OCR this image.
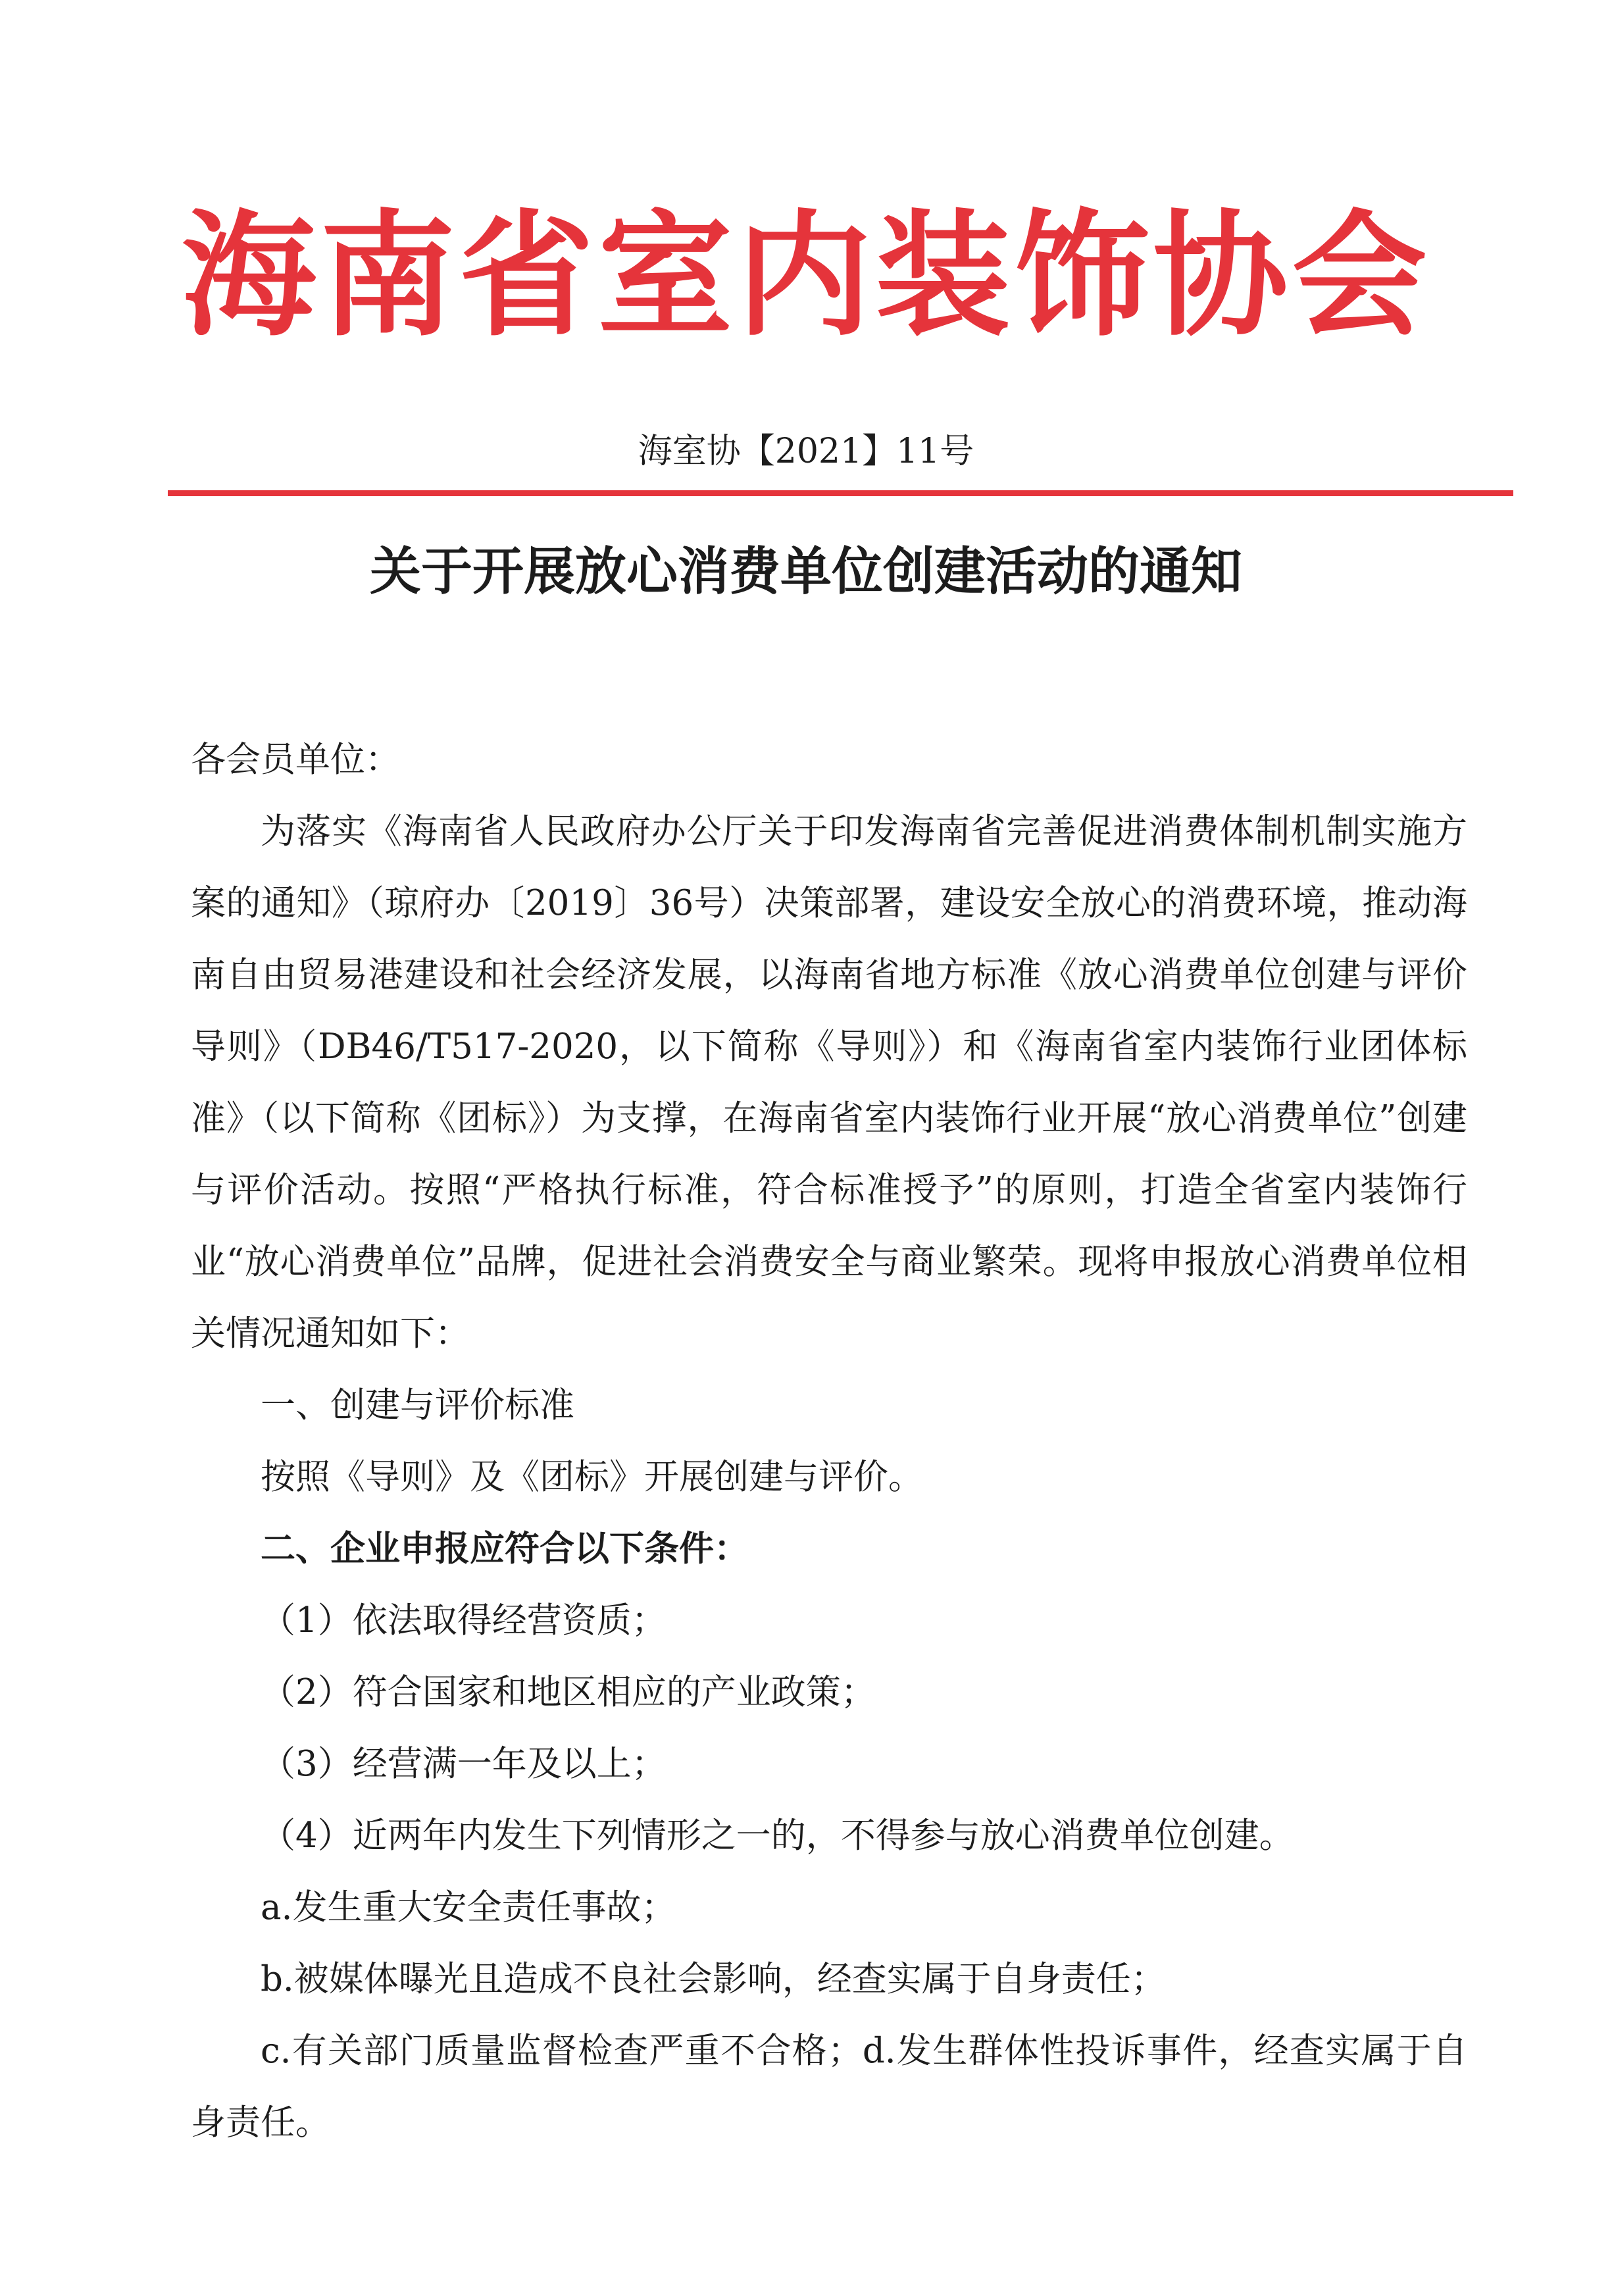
海南省室内装饰协会
海室协【2021】11号
关于开展放心消费单位创建活动的通知

各会员单位：

为落实《海南省人民政府办公厅关于印发海南省完善促进消费体制机制实施方案的通知》（琼府办〔2019〕36号）决策部署，建设安全放心的消费环境，推动海南自由贸易港建设和社会经济发展，以海南省地方标准《放心消费单位创建与评价导则》（DB46/T517-2020，以下简称《导则》）和《海南省室内装饰行业团体标准》（以下简称《团标》）为支撑，在海南省室内装饰行业开展“放心消费单位”创建与评价活动。按照“严格执行标准，符合标准授予”的原则，打造全省室内装饰行业“放心消费单位”品牌，促进社会消费安全与商业繁荣。现将申报放心消费单位相关情况通知如下：

一、创建与评价标准

按照《导则》及《团标》开展创建与评价。

二、企业申报应符合以下条件：

（1）依法取得经营资质；

（2）符合国家和地区相应的产业政策；

（3）经营满一年及以上；

（4）近两年内发生下列情形之一的，不得参与放心消费单位创建。

a.发生重大安全责任事故；

b.被媒体曝光且造成不良社会影响，经查实属于自身责任；

c.有关部门质量监督检查严重不合格；d.发生群体性投诉事件，经查实属于自身责任。
